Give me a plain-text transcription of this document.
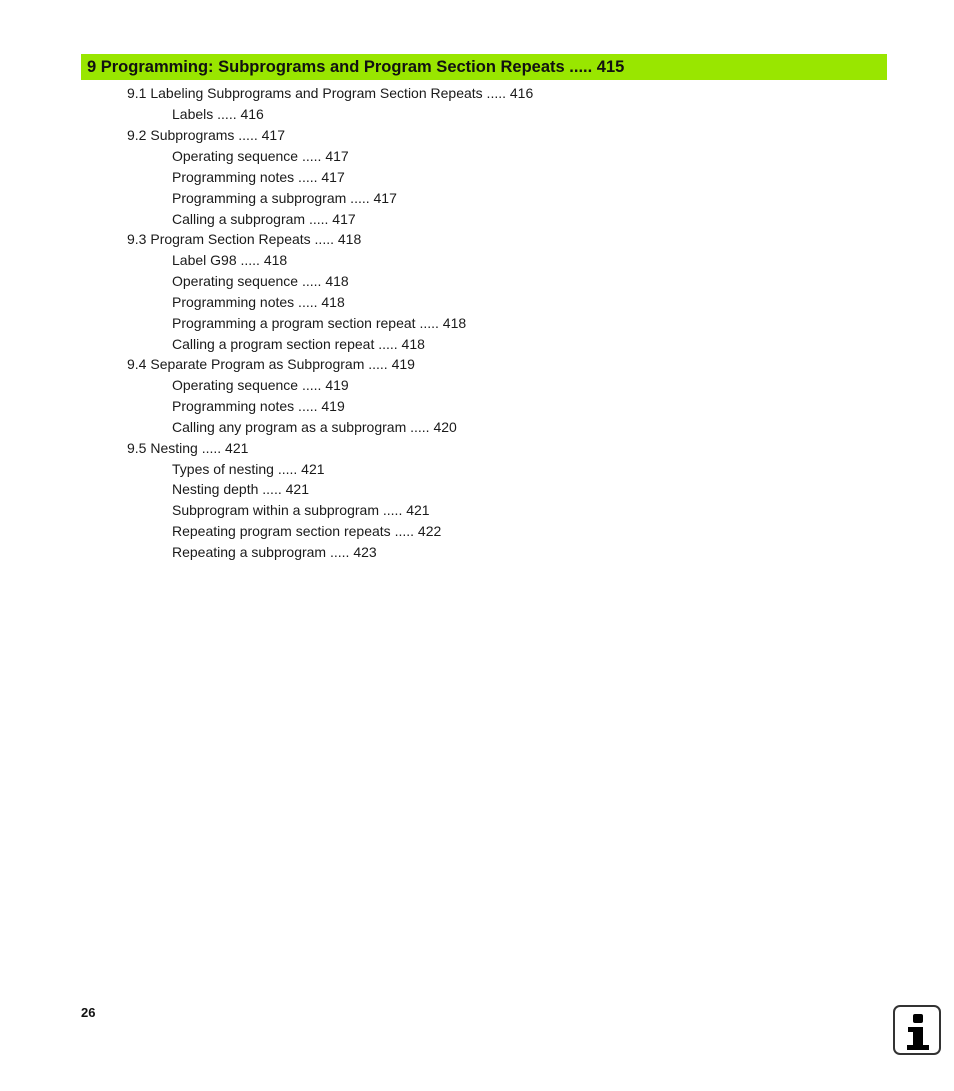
9 Programming: Subprograms and Program Section Repeats ..... 415
9.1 Labeling Subprograms and Program Section Repeats ..... 416
Labels ..... 416
9.2 Subprograms ..... 417
Operating sequence ..... 417
Programming notes ..... 417
Programming a subprogram ..... 417
Calling a subprogram ..... 417
9.3 Program Section Repeats ..... 418
Label G98 ..... 418
Operating sequence ..... 418
Programming notes ..... 418
Programming a program section repeat ..... 418
Calling a program section repeat ..... 418
9.4 Separate Program as Subprogram ..... 419
Operating sequence ..... 419
Programming notes ..... 419
Calling any program as a subprogram ..... 420
9.5 Nesting ..... 421
Types of nesting ..... 421
Nesting depth ..... 421
Subprogram within a subprogram ..... 421
Repeating program section repeats ..... 422
Repeating a subprogram ..... 423
26
